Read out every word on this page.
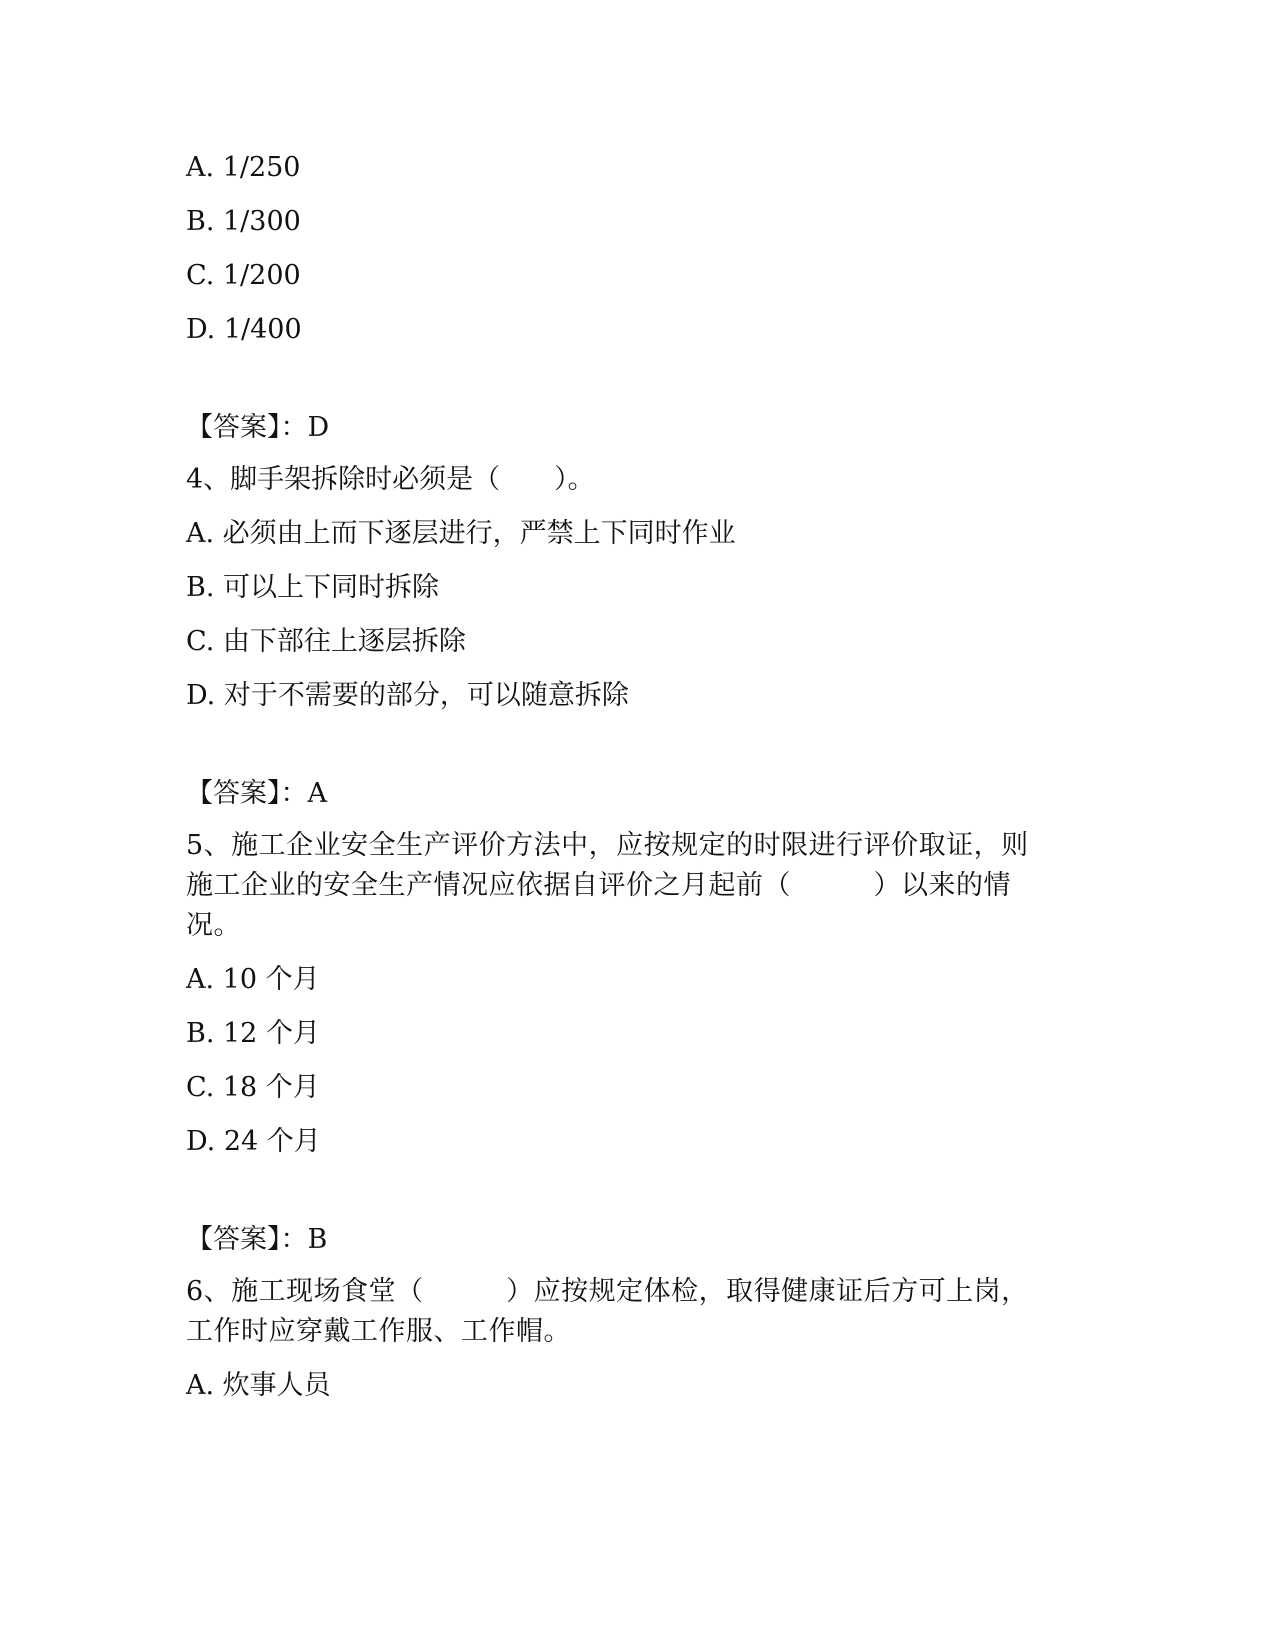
A. 1/250
B. 1/300
C. 1/200
D. 1/400
【答案】：D
4、脚手架拆除时必须是（　　）。
A. 必须由上而下逐层进行，严禁上下同时作业
B. 可以上下同时拆除
C. 由下部往上逐层拆除
D. 对于不需要的部分，可以随意拆除
【答案】：A
5、施工企业安全生产评价方法中，应按规定的时限进行评价取证，则
施工企业的安全生产情况应依据自评价之月起前（　　　）以来的情
况。
A. 10 个月
B. 12 个月
C. 18 个月
D. 24 个月
【答案】：B
6、施工现场食堂（　　　）应按规定体检，取得健康证后方可上岗，
工作时应穿戴工作服、工作帽。
A. 炊事人员
